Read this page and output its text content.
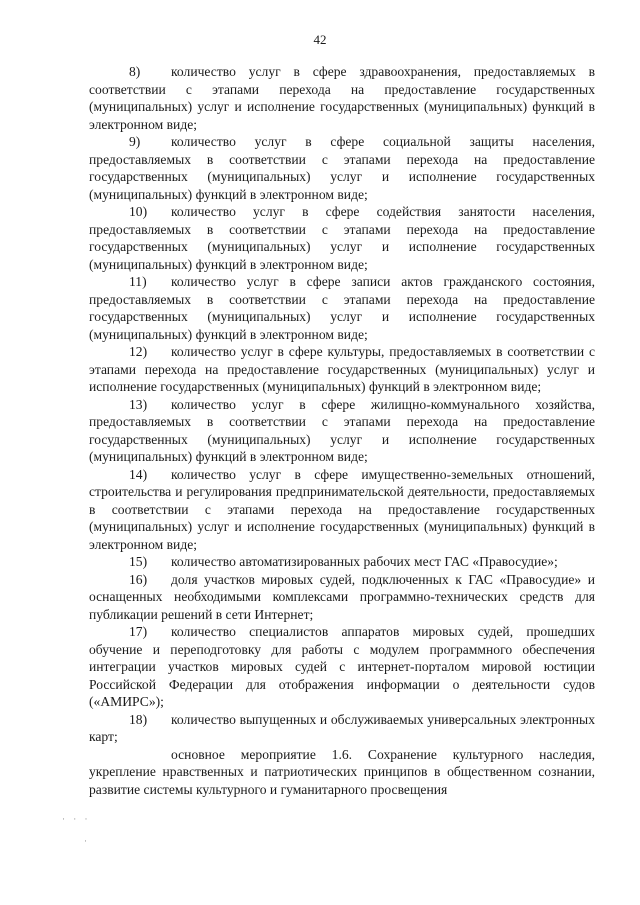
42

8) количество услуг в сфере здравоохранения, предоставляемых в соответствии с этапами перехода на предоставление государственных (муниципальных) услуг и исполнение государственных (муниципальных) функций в электронном виде;

9) количество услуг в сфере социальной защиты населения, предоставляемых в соответствии с этапами перехода на предоставление государственных (муниципальных) услуг и исполнение государственных (муниципальных) функций в электронном виде;

10) количество услуг в сфере содействия занятости населения, предоставляемых в соответствии с этапами перехода на предоставление государственных (муниципальных) услуг и исполнение государственных (муниципальных) функций в электронном виде;

11) количество услуг в сфере записи актов гражданского состояния, предоставляемых в соответствии с этапами перехода на предоставление государственных (муниципальных) услуг и исполнение государственных (муниципальных) функций в электронном виде;

12) количество услуг в сфере культуры, предоставляемых в соответствии с этапами перехода на предоставление государственных (муниципальных) услуг и исполнение государственных (муниципальных) функций в электронном виде;

13) количество услуг в сфере жилищно-коммунального хозяйства, предоставляемых в соответствии с этапами перехода на предоставление государственных (муниципальных) услуг и исполнение государственных (муниципальных) функций в электронном виде;

14) количество услуг в сфере имущественно-земельных отношений, строительства и регулирования предпринимательской деятельности, предоставляемых в соответствии с этапами перехода на предоставление государственных (муниципальных) услуг и исполнение государственных (муниципальных) функций в электронном виде;

15) количество автоматизированных рабочих мест ГАС «Правосудие»;

16) доля участков мировых судей, подключенных к ГАС «Правосудие» и оснащенных необходимыми комплексами программно-технических средств для публикации решений в сети Интернет;

17) количество специалистов аппаратов мировых судей, прошедших обучение и переподготовку для работы с модулем программного обеспечения интеграции участков мировых судей с интернет-порталом мировой юстиции Российской Федерации для отображения информации о деятельности судов («АМИРС»);

18) количество выпущенных и обслуживаемых универсальных электронных карт;

основное мероприятие 1.6. Сохранение культурного наследия, укрепление нравственных и патриотических принципов в общественном сознании, развитие системы культурного и гуманитарного просвещения

· · ·
·
